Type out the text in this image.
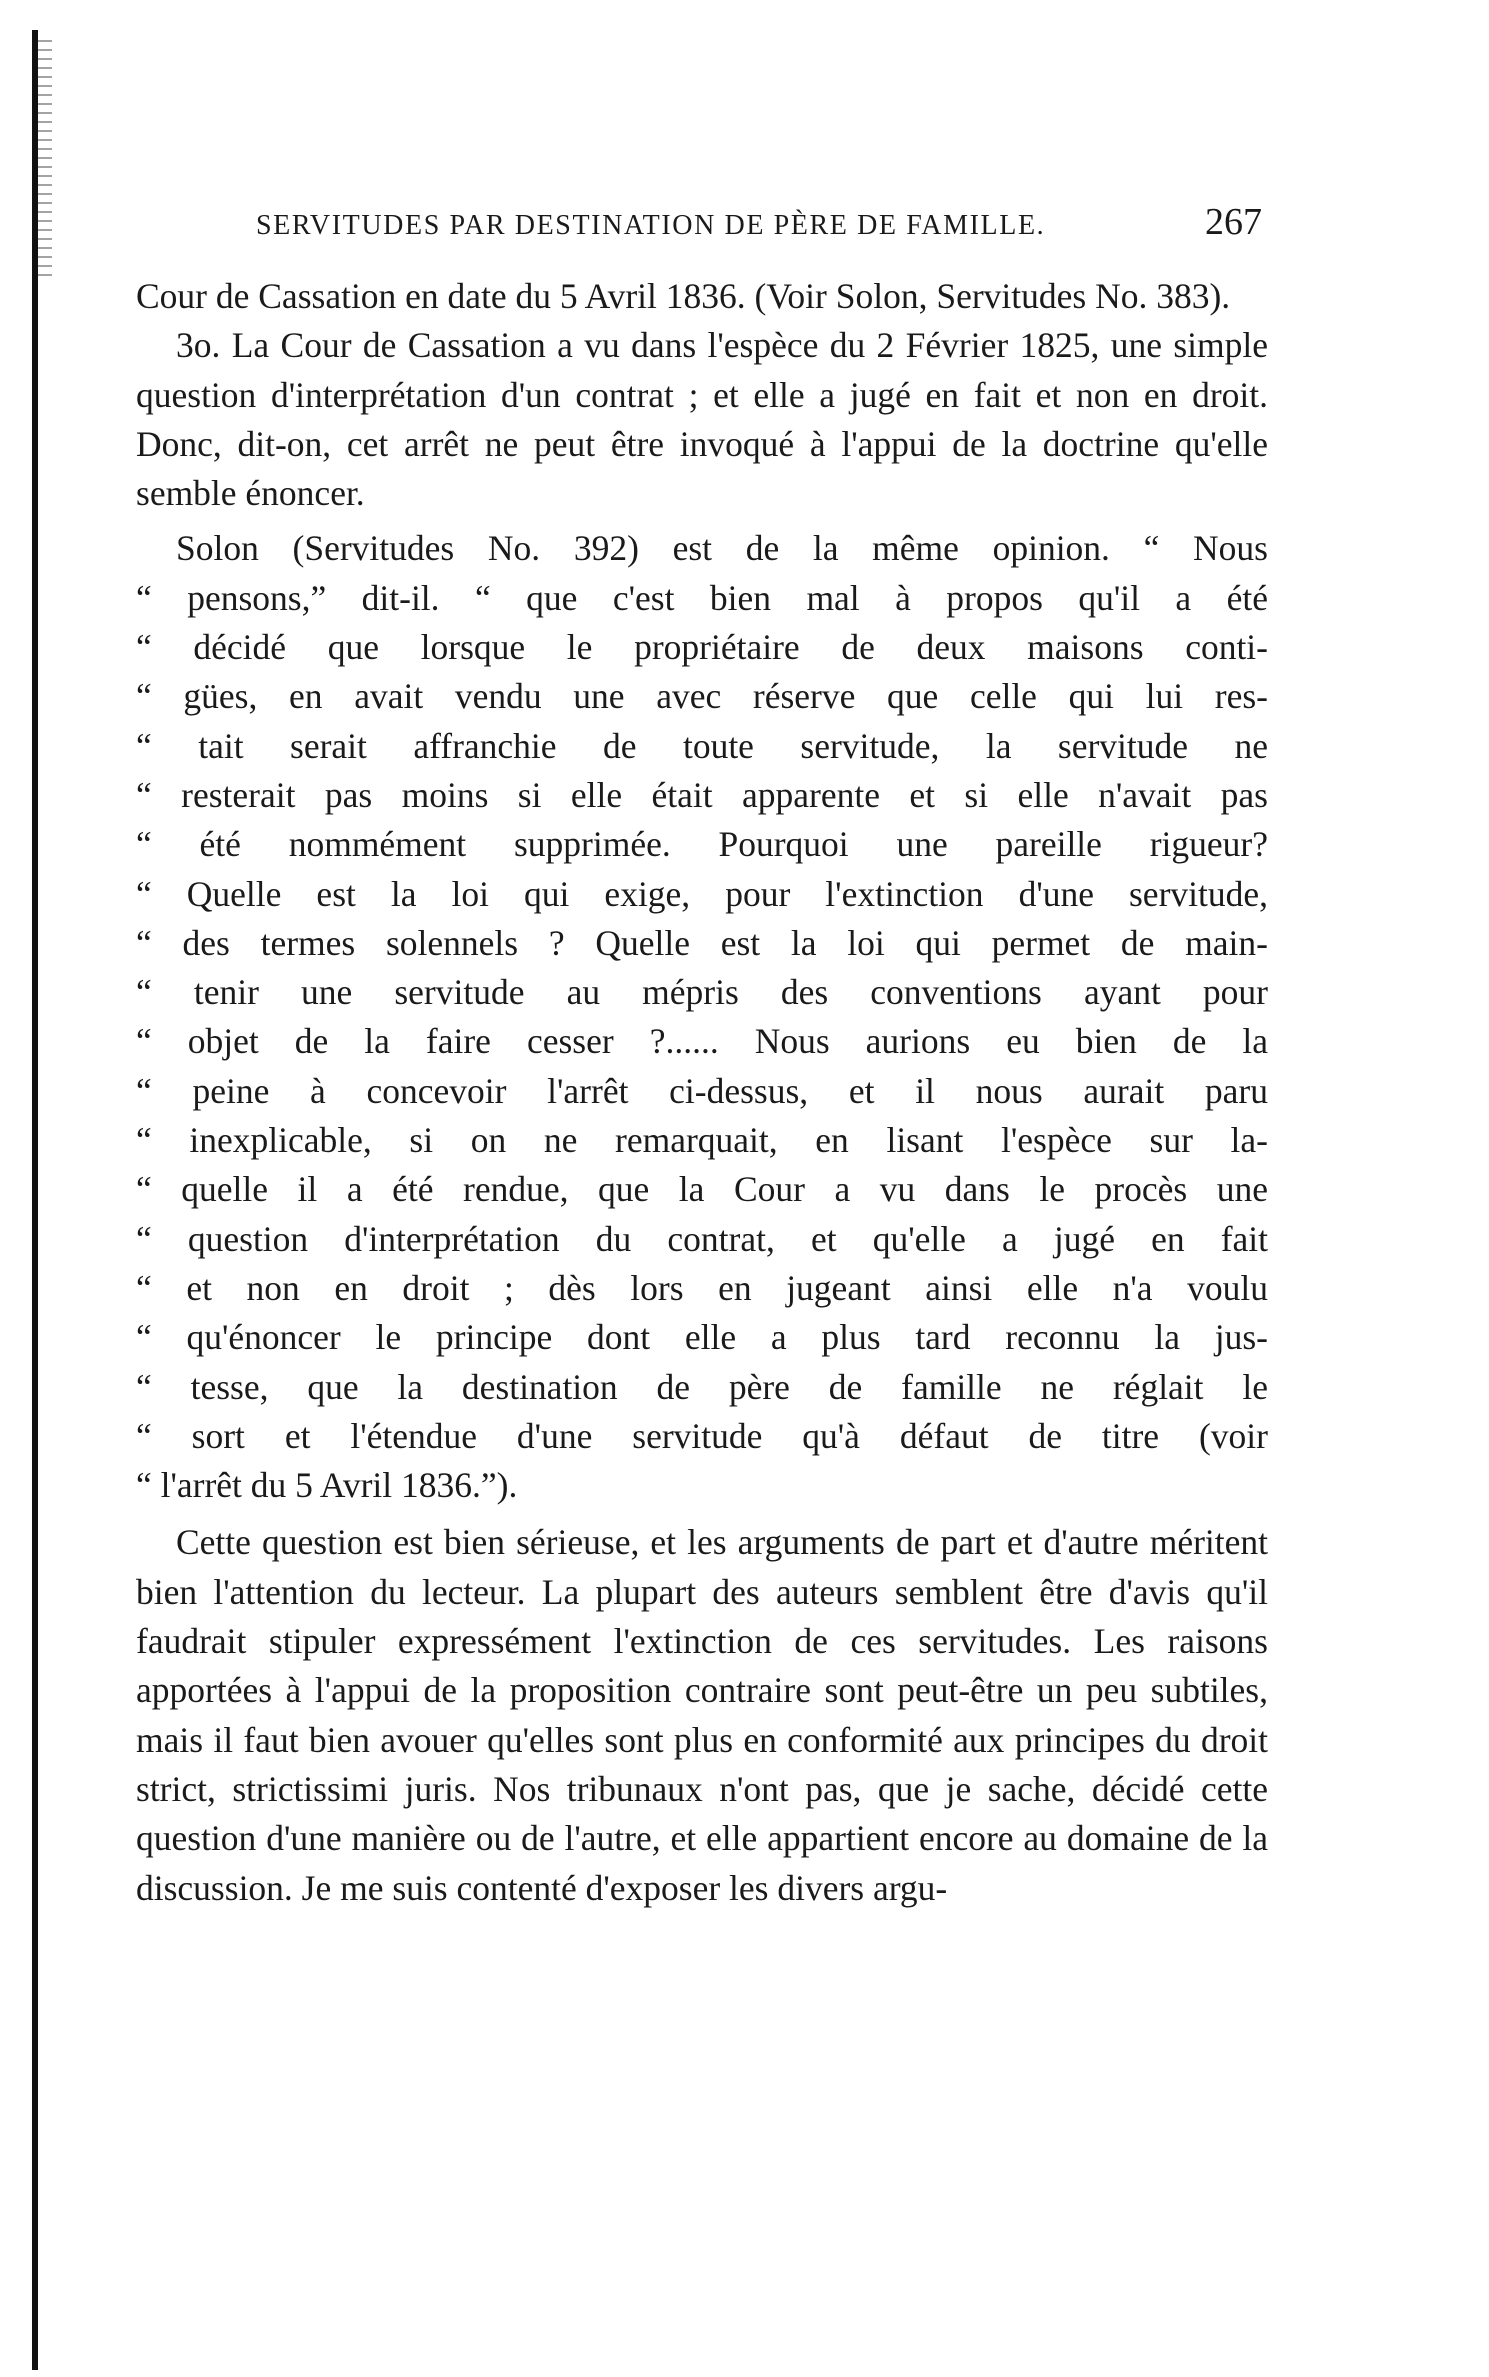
SERVITUDES PAR DESTINATION DE PÈRE DE FAMILLE.	267

Cour de Cassation en date du 5 Avril 1836. (Voir Solon, Servitudes No. 383).

3o. La Cour de Cassation a vu dans l'espèce du 2 Février 1825, une simple question d'interprétation d'un contrat ; et elle a jugé en fait et non en droit. Donc, dit-on, cet arrêt ne peut être invoqué à l'appui de la doctrine qu'elle semble énoncer.

Solon (Servitudes No. 392) est de la même opinion. “ Nous
“ pensons,” dit-il. “ que c'est bien mal à propos qu'il a été
“ décidé que lorsque le propriétaire de deux maisons conti-
“ gües, en avait vendu une avec réserve que celle qui lui res-
“ tait serait affranchie de toute servitude, la servitude ne
“ resterait pas moins si elle était apparente et si elle n'avait pas
“ été nommément supprimée. Pourquoi une pareille rigueur?
“ Quelle est la loi qui exige, pour l'extinction d'une servitude,
“ des termes solennels ? Quelle est la loi qui permet de main-
“ tenir une servitude au mépris des conventions ayant pour
“ objet de la faire cesser ?...... Nous aurions eu bien de la
“ peine à concevoir l'arrêt ci-dessus, et il nous aurait paru
“ inexplicable, si on ne remarquait, en lisant l'espèce sur la-
“ quelle il a été rendue, que la Cour a vu dans le procès une
“ question d'interprétation du contrat, et qu'elle a jugé en fait
“ et non en droit ; dès lors en jugeant ainsi elle n'a voulu
“ qu'énoncer le principe dont elle a plus tard reconnu la jus-
“ tesse, que la destination de père de famille ne réglait le
“ sort et l'étendue d'une servitude qu'à défaut de titre (voir
“ l'arrêt du 5 Avril 1836.”).

Cette question est bien sérieuse, et les arguments de part et d'autre méritent bien l'attention du lecteur. La plupart des auteurs semblent être d'avis qu'il faudrait stipuler expressément l'extinction de ces servitudes. Les raisons apportées à l'appui de la proposition contraire sont peut-être un peu subtiles, mais il faut bien avouer qu'elles sont plus en conformité aux principes du droit strict, strictissimi juris. Nos tribunaux n'ont pas, que je sache, décidé cette question d'une manière ou de l'autre, et elle appartient encore au domaine de la discussion. Je me suis contenté d'exposer les divers argu-
